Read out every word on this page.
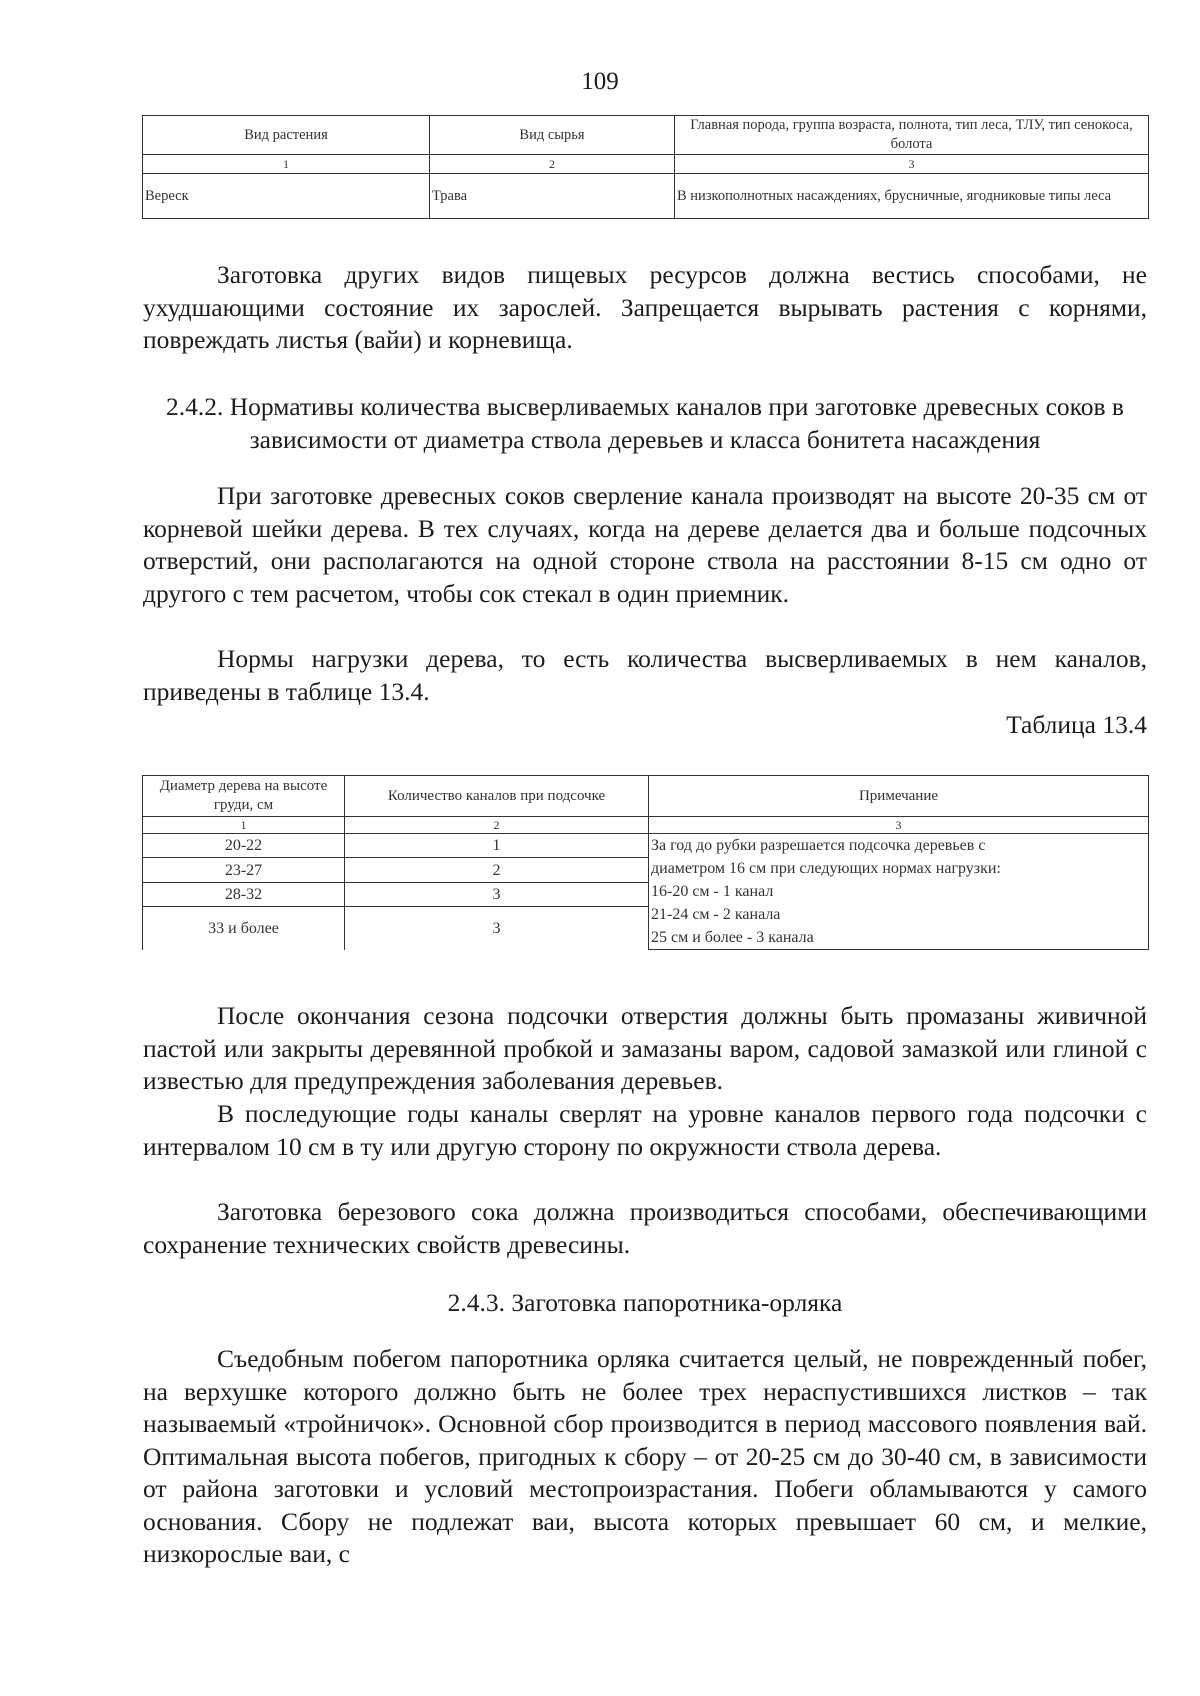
109
Вид растения	Вид сырья	Главная порода, группа возраста, полнота, тип леса, ТЛУ, тип сенокоса, болота
1	2	3
Вереск	Трава	В низкополнотных насаждениях, брусничные, ягодниковые типы леса
Заготовка других видов пищевых ресурсов должна вестись способами, не ухудшающими состояние их зарослей. Запрещается вырывать растения с корнями, повреждать листья (вайи) и корневища.
2.4.2. Нормативы количества высверливаемых каналов при заготовке древесных соков в зависимости от диаметра ствола деревьев и класса бонитета насаждения
При заготовке древесных соков сверление канала производят на высоте 20-35 см от корневой шейки дерева. В тех случаях, когда на дереве делается два и больше подсочных отверстий, они располагаются на одной стороне ствола на расстоянии 8-15 см одно от другого с тем расчетом, чтобы сок стекал в один приемник.
Нормы нагрузки дерева, то есть количества высверливаемых в нем каналов, приведены в таблице 13.4.
Таблица 13.4
Диаметр дерева на высоте груди, см	Количество каналов при подсочке	Примечание
1	2	3
20-22	1	За год до рубки разрешается подсочка деревьев с
диаметром 16 см при следующих нормах нагрузки:
16-20 см - 1 канал
21-24 см - 2 канала
25 см и более - 3 канала

23-27	2	
28-32	3	
33 и более	3	
После окончания сезона подсочки отверстия должны быть промазаны живичной пастой или закрыты деревянной пробкой и замазаны варом, садовой замазкой или глиной с известью для предупреждения заболевания деревьев.
В последующие годы каналы сверлят на уровне каналов первого года подсочки с интервалом 10 см в ту или другую сторону по окружности ствола дерева.
Заготовка березового сока должна производиться способами, обеспечивающими сохранение технических свойств древесины.
2.4.3. Заготовка папоротника-орляка
Съедобным побегом папоротника орляка считается целый, не поврежденный побег, на верхушке которого должно быть не более трех нераспустившихся листков – так называемый «тройничок». Основной сбор производится в период массового появления вай. Оптимальная высота побегов, пригодных к сбору – от 20-25 см до 30-40 см, в зависимости от района заготовки и условий местопроизрастания. Побеги обламываются у самого основания. Сбору не подлежат ваи, высота которых превышает 60 см, и мелкие, низкорослые ваи, с
